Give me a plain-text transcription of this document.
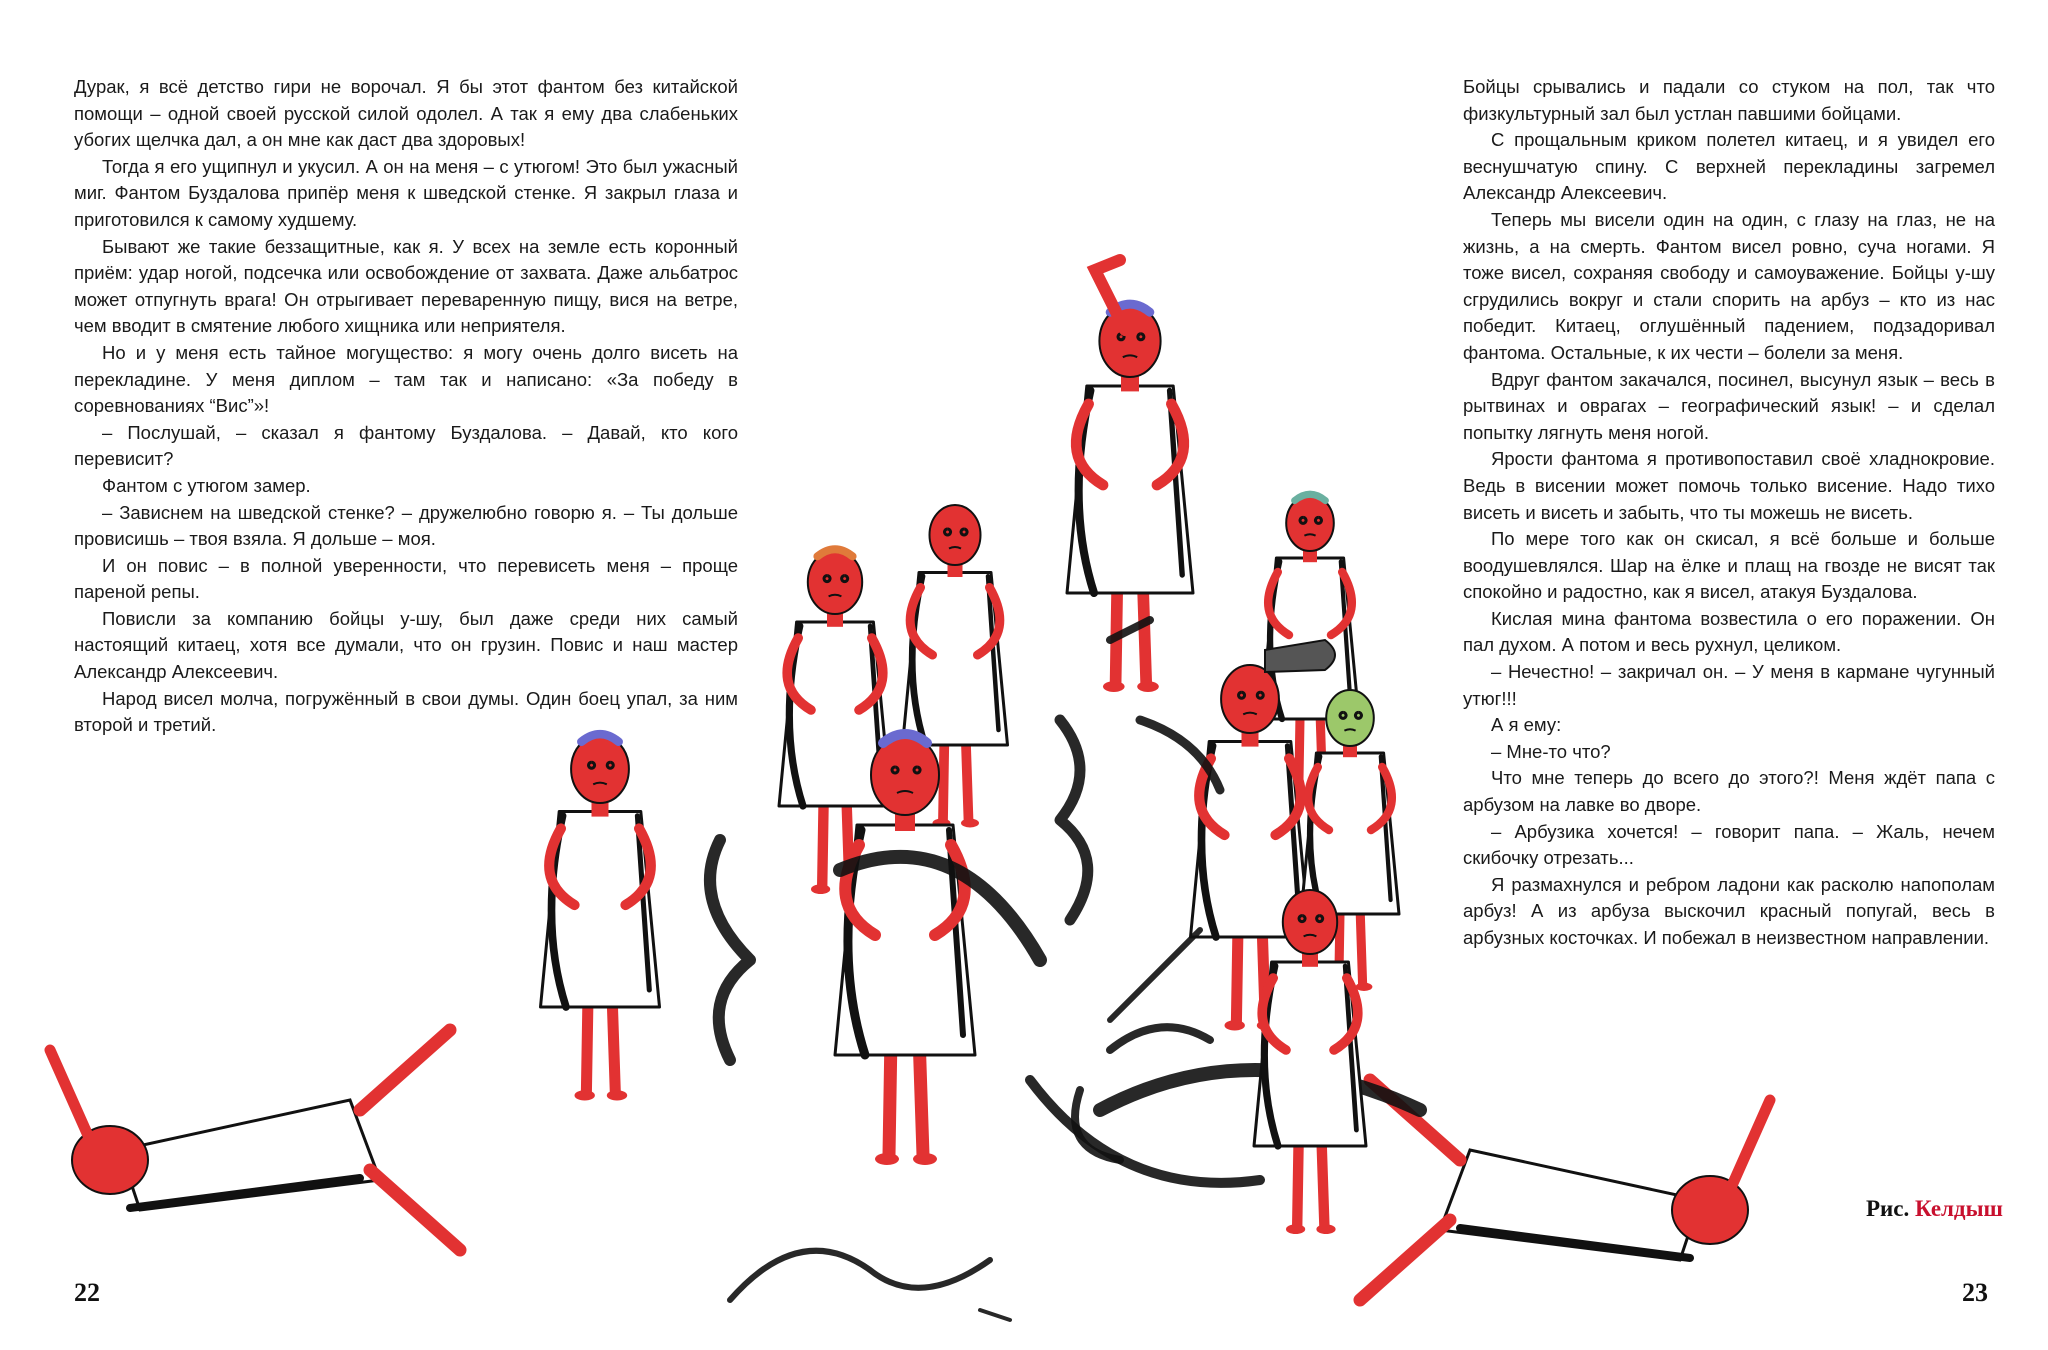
Дурак, я всё детство гири не ворочал. Я бы этот фантом без китайской помощи – одной своей русской силой одолел. А так я ему два слабеньких убогих щелчка дал, а он мне как даст два здоровых!

Тогда я его ущипнул и укусил. А он на меня – с утюгом! Это был ужасный миг. Фантом Буздалова припёр меня к шведской стенке. Я закрыл глаза и приготовился к самому худшему.

Бывают же такие беззащитные, как я. У всех на земле есть коронный приём: удар ногой, подсечка или освобождение от захвата. Даже альбатрос может отпугнуть врага! Он отрыгивает переваренную пищу, вися на ветре, чем вводит в смятение любого хищника или неприятеля.

Но и у меня есть тайное могущество: я могу очень долго висеть на перекладине. У меня диплом – там так и написано: «За победу в соревнованиях “Вис”»!

– Послушай, – сказал я фантому Буздалова. – Давай, кто кого перевисит?

Фантом с утюгом замер.

– Зависнем на шведской стенке? – дружелюбно говорю я. – Ты дольше провисишь – твоя взяла. Я дольше – моя.

И он повис – в полной уверенности, что перевисеть меня – проще пареной репы.

Повисли за компанию бойцы у-шу, был даже среди них самый настоящий китаец, хотя все думали, что он грузин. Повис и наш мастер Александр Алексеевич.

Народ висел молча, погружённый в свои думы. Один боец упал, за ним второй и третий.

Бойцы срывались и падали со стуком на пол, так что физкультурный зал был устлан павшими бойцами.

С прощальным криком полетел китаец, и я увидел его веснушчатую спину. С верхней перекладины загремел Александр Алексеевич.

Теперь мы висели один на один, с глазу на глаз, не на жизнь, а на смерть. Фантом висел ровно, суча ногами. Я тоже висел, сохраняя свободу и самоуважение. Бойцы у-шу сгрудились вокруг и стали спорить на арбуз – кто из нас победит. Китаец, оглушённый падением, подзадоривал фантома. Остальные, к их чести – болели за меня.

Вдруг фантом закачался, посинел, высунул язык – весь в рытвинах и оврагах – географический язык! – и сделал попытку лягнуть меня ногой.

Ярости фантома я противопоставил своё хладнокровие. Ведь в висении может помочь только висение. Надо тихо висеть и висеть и забыть, что ты можешь не висеть.

По мере того как он скисал, я всё больше и больше воодушевлялся. Шар на ёлке и плащ на гвозде не висят так спокойно и радостно, как я висел, атакуя Буздалова.

Кислая мина фантома возвестила о его поражении. Он пал духом. А потом и весь рухнул, целиком.

– Нечестно! – закричал он. – У меня в кармане чугунный утюг!!!

А я ему:

– Мне-то что?

Что мне теперь до всего до этого?! Меня ждёт папа с арбузом на лавке во дворе.

– Арбузика хочется! – говорит папа. – Жаль, нечем скибочку отрезать...

Я размахнулся и ребром ладони как расколю напополам арбуз! А из арбуза выскочил красный попугай, весь в арбузных косточках. И побежал в неизвестном направлении.

22	23
Рис. Келдыш
